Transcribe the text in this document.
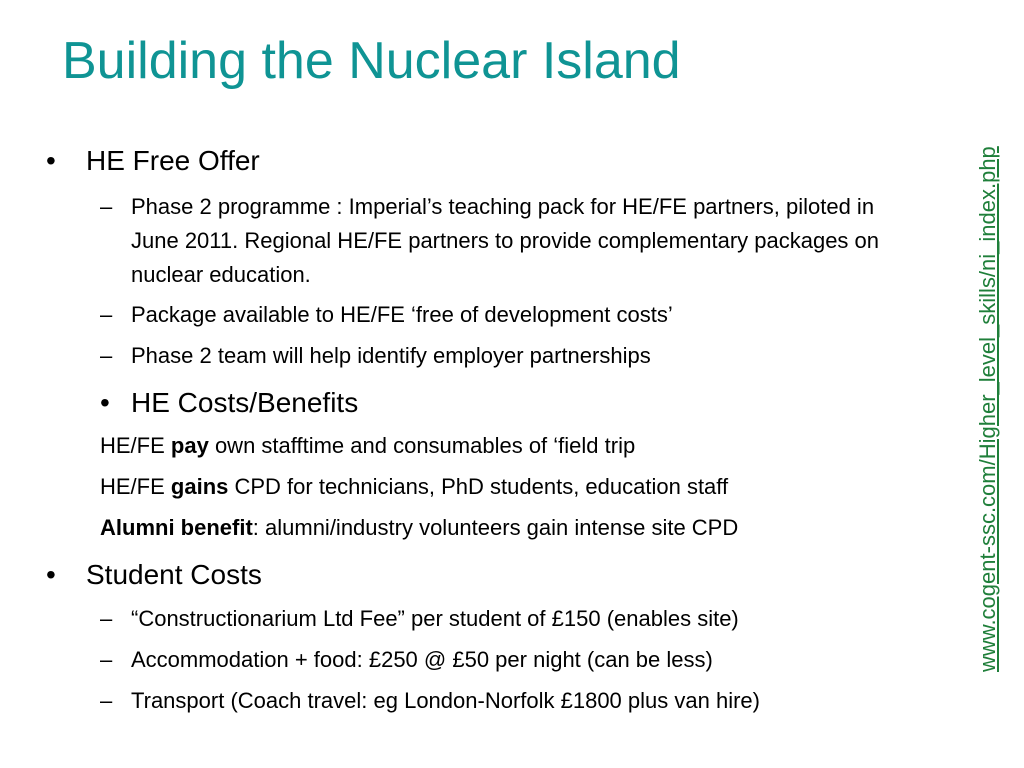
Building the Nuclear Island
www.cogent-ssc.com/Higher_level_skills/ni_index.php
• HE Free Offer
– Phase 2 programme : Imperial’s teaching pack for HE/FE partners, piloted in June 2011. Regional HE/FE partners to provide complementary packages on nuclear education.
– Package available to HE/FE ‘free of development costs’
– Phase 2 team will help identify employer partnerships
• HE Costs/Benefits
HE/FE pay own stafftime and consumables of ‘field trip
HE/FE gains CPD for technicians, PhD students, education staff
Alumni benefit: alumni/industry volunteers gain intense site CPD
• Student Costs
– “Constructionarium Ltd Fee” per student of £150 (enables site)
– Accommodation + food: £250 @ £50 per night (can be less)
– Transport (Coach travel: eg London-Norfolk £1800 plus van hire)
